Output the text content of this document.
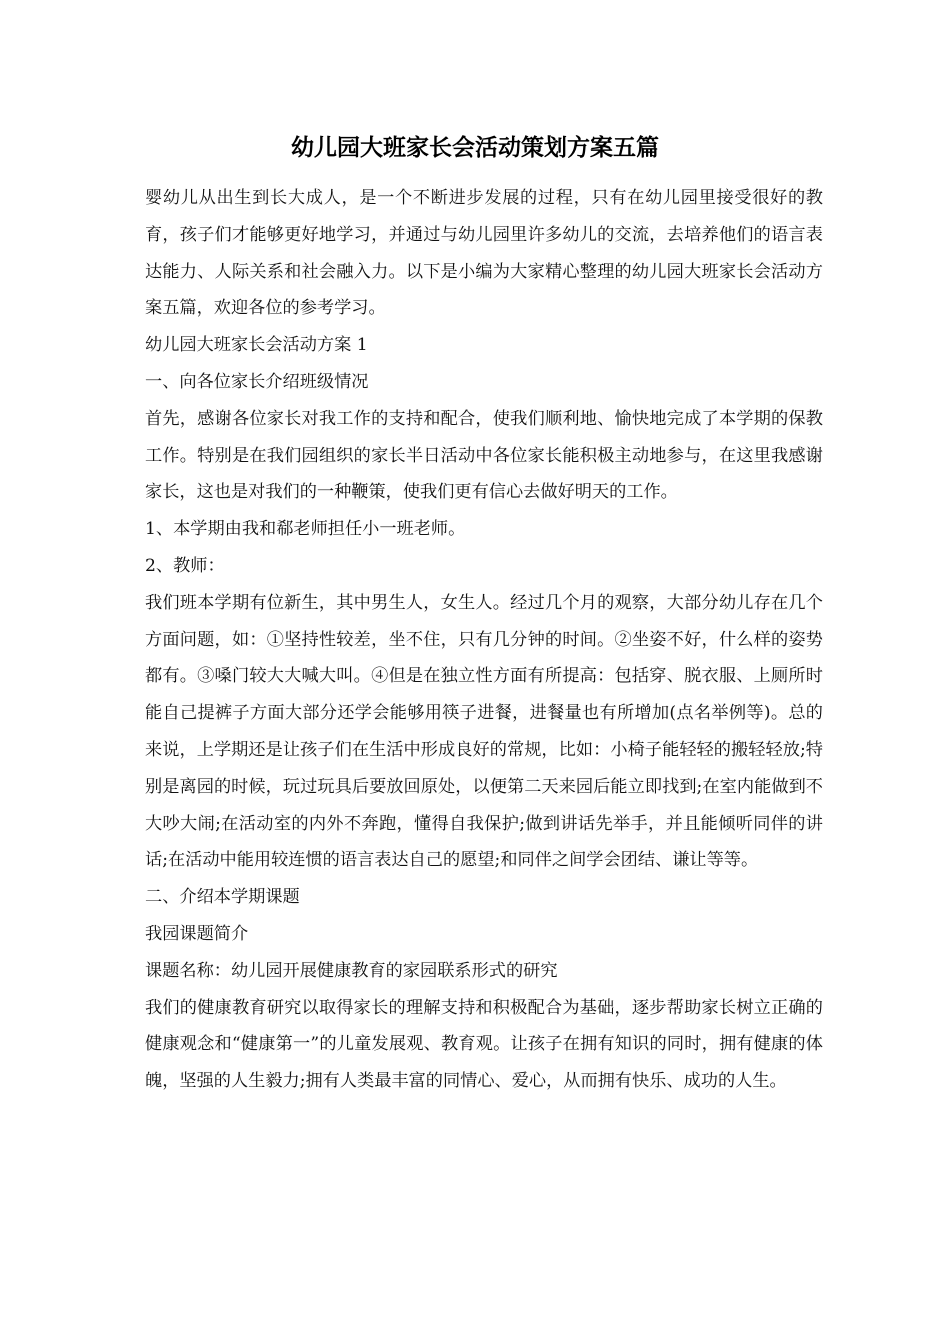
幼儿园大班家长会活动策划方案五篇

婴幼儿从出生到长大成人，是一个不断进步发展的过程，只有在幼儿园里接受很好的教育，孩子们才能够更好地学习，并通过与幼儿园里许多幼儿的交流，去培养他们的语言表达能力、人际关系和社会融入力。以下是小编为大家精心整理的幼儿园大班家长会活动方案五篇，欢迎各位的参考学习。

幼儿园大班家长会活动方案 1

一、向各位家长介绍班级情况

首先，感谢各位家长对我工作的支持和配合，使我们顺利地、愉快地完成了本学期的保教工作。特别是在我们园组织的家长半日活动中各位家长能积极主动地参与，在这里我感谢家长，这也是对我们的一种鞭策，使我们更有信心去做好明天的工作。

1、本学期由我和郗老师担任小一班老师。

2、教师：

我们班本学期有位新生，其中男生人，女生人。经过几个月的观察，大部分幼儿存在几个方面问题，如：①坚持性较差，坐不住，只有几分钟的时间。②坐姿不好，什么样的姿势都有。③嗓门较大大喊大叫。④但是在独立性方面有所提高：包括穿、脱衣服、上厕所时能自己提裤子方面大部分还学会能够用筷子进餐，进餐量也有所增加(点名举例等)。总的来说，上学期还是让孩子们在生活中形成良好的常规，比如：小椅子能轻轻的搬轻轻放;特别是离园的时候，玩过玩具后要放回原处，以便第二天来园后能立即找到;在室内能做到不大吵大闹;在活动室的内外不奔跑，懂得自我保护;做到讲话先举手，并且能倾听同伴的讲话;在活动中能用较连惯的语言表达自己的愿望;和同伴之间学会团结、谦让等等。

二、介绍本学期课题

我园课题简介

课题名称：幼儿园开展健康教育的家园联系形式的研究

我们的健康教育研究以取得家长的理解支持和积极配合为基础，逐步帮助家长树立正确的健康观念和“健康第一”的儿童发展观、教育观。让孩子在拥有知识的同时，拥有健康的体魄，坚强的人生毅力;拥有人类最丰富的同情心、爱心，从而拥有快乐、成功的人生。
